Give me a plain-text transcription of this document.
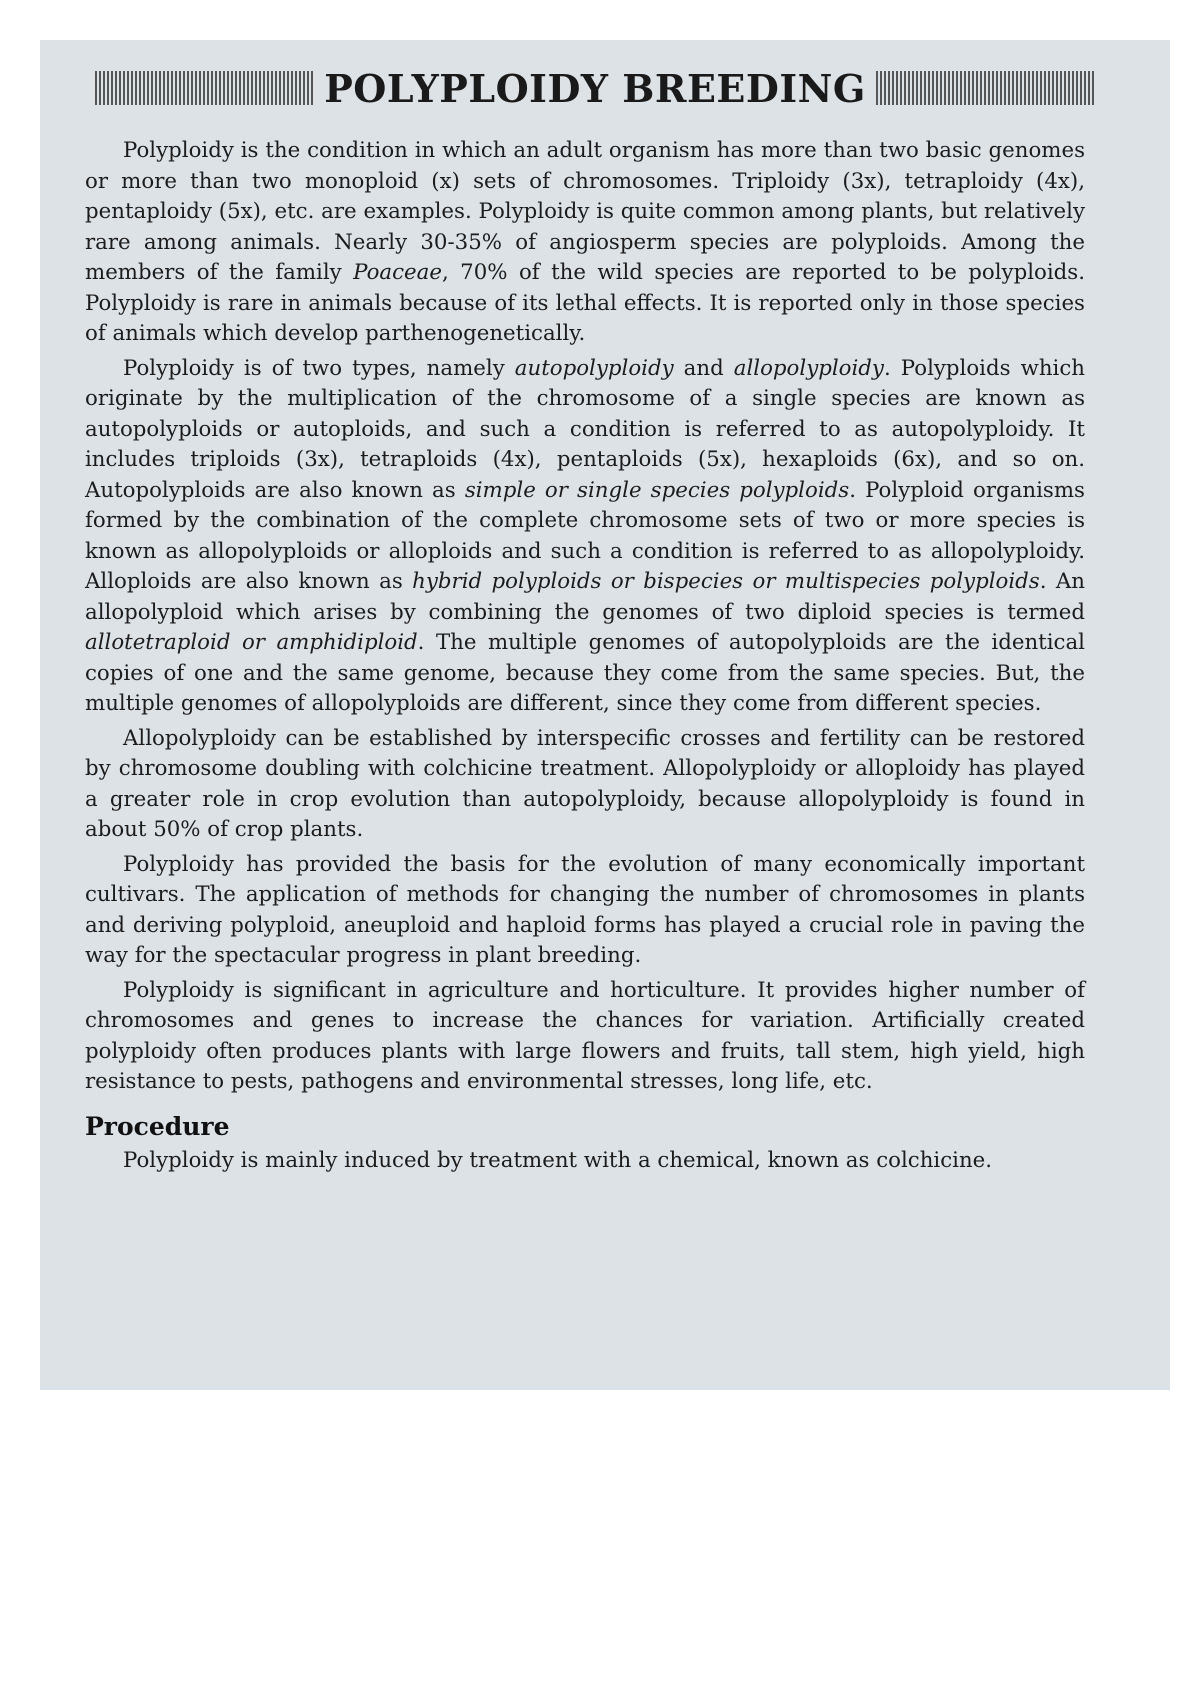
POLYPLOIDY BREEDING

Polyploidy is the condition in which an adult organism has more than two basic genomes or more than two monoploid (x) sets of chromosomes. Triploidy (3x), tetraploidy (4x), pentaploidy (5x), etc. are examples. Polyploidy is quite common among plants, but relatively rare among animals. Nearly 30-35% of angiosperm species are polyploids. Among the members of the family Poaceae, 70% of the wild species are reported to be polyploids. Polyploidy is rare in animals because of its lethal effects. It is reported only in those species of animals which develop parthenogenetically.

Polyploidy is of two types, namely autopolyploidy and allopolyploidy. Polyploids which originate by the multiplication of the chromosome of a single species are known as autopolyploids or autoploids, and such a condition is referred to as autopolyploidy. It includes triploids (3x), tetraploids (4x), pentaploids (5x), hexaploids (6x), and so on. Autopolyploids are also known as simple or single species polyploids. Polyploid organisms formed by the combination of the complete chromosome sets of two or more species is known as allopolyploids or alloploids and such a condition is referred to as allopolyploidy. Alloploids are also known as hybrid polyploids or bispecies or multispecies polyploids. An allopolyploid which arises by combining the genomes of two diploid species is termed allotetraploid or amphidiploid. The multiple genomes of autopolyploids are the identical copies of one and the same genome, because they come from the same species. But, the multiple genomes of allopolyploids are different, since they come from different species.

Allopolyploidy can be established by interspecific crosses and fertility can be restored by chromosome doubling with colchicine treatment. Allopolyploidy or alloploidy has played a greater role in crop evolution than autopolyploidy, because allopolyploidy is found in about 50% of crop plants.

Polyploidy has provided the basis for the evolution of many economically important cultivars. The application of methods for changing the number of chromosomes in plants and deriving polyploid, aneuploid and haploid forms has played a crucial role in paving the way for the spectacular progress in plant breeding.

Polyploidy is significant in agriculture and horticulture. It provides higher number of chromosomes and genes to increase the chances for variation. Artificially created polyploidy often produces plants with large flowers and fruits, tall stem, high yield, high resistance to pests, pathogens and environmental stresses, long life, etc.

Procedure

Polyploidy is mainly induced by treatment with a chemical, known as colchicine.
